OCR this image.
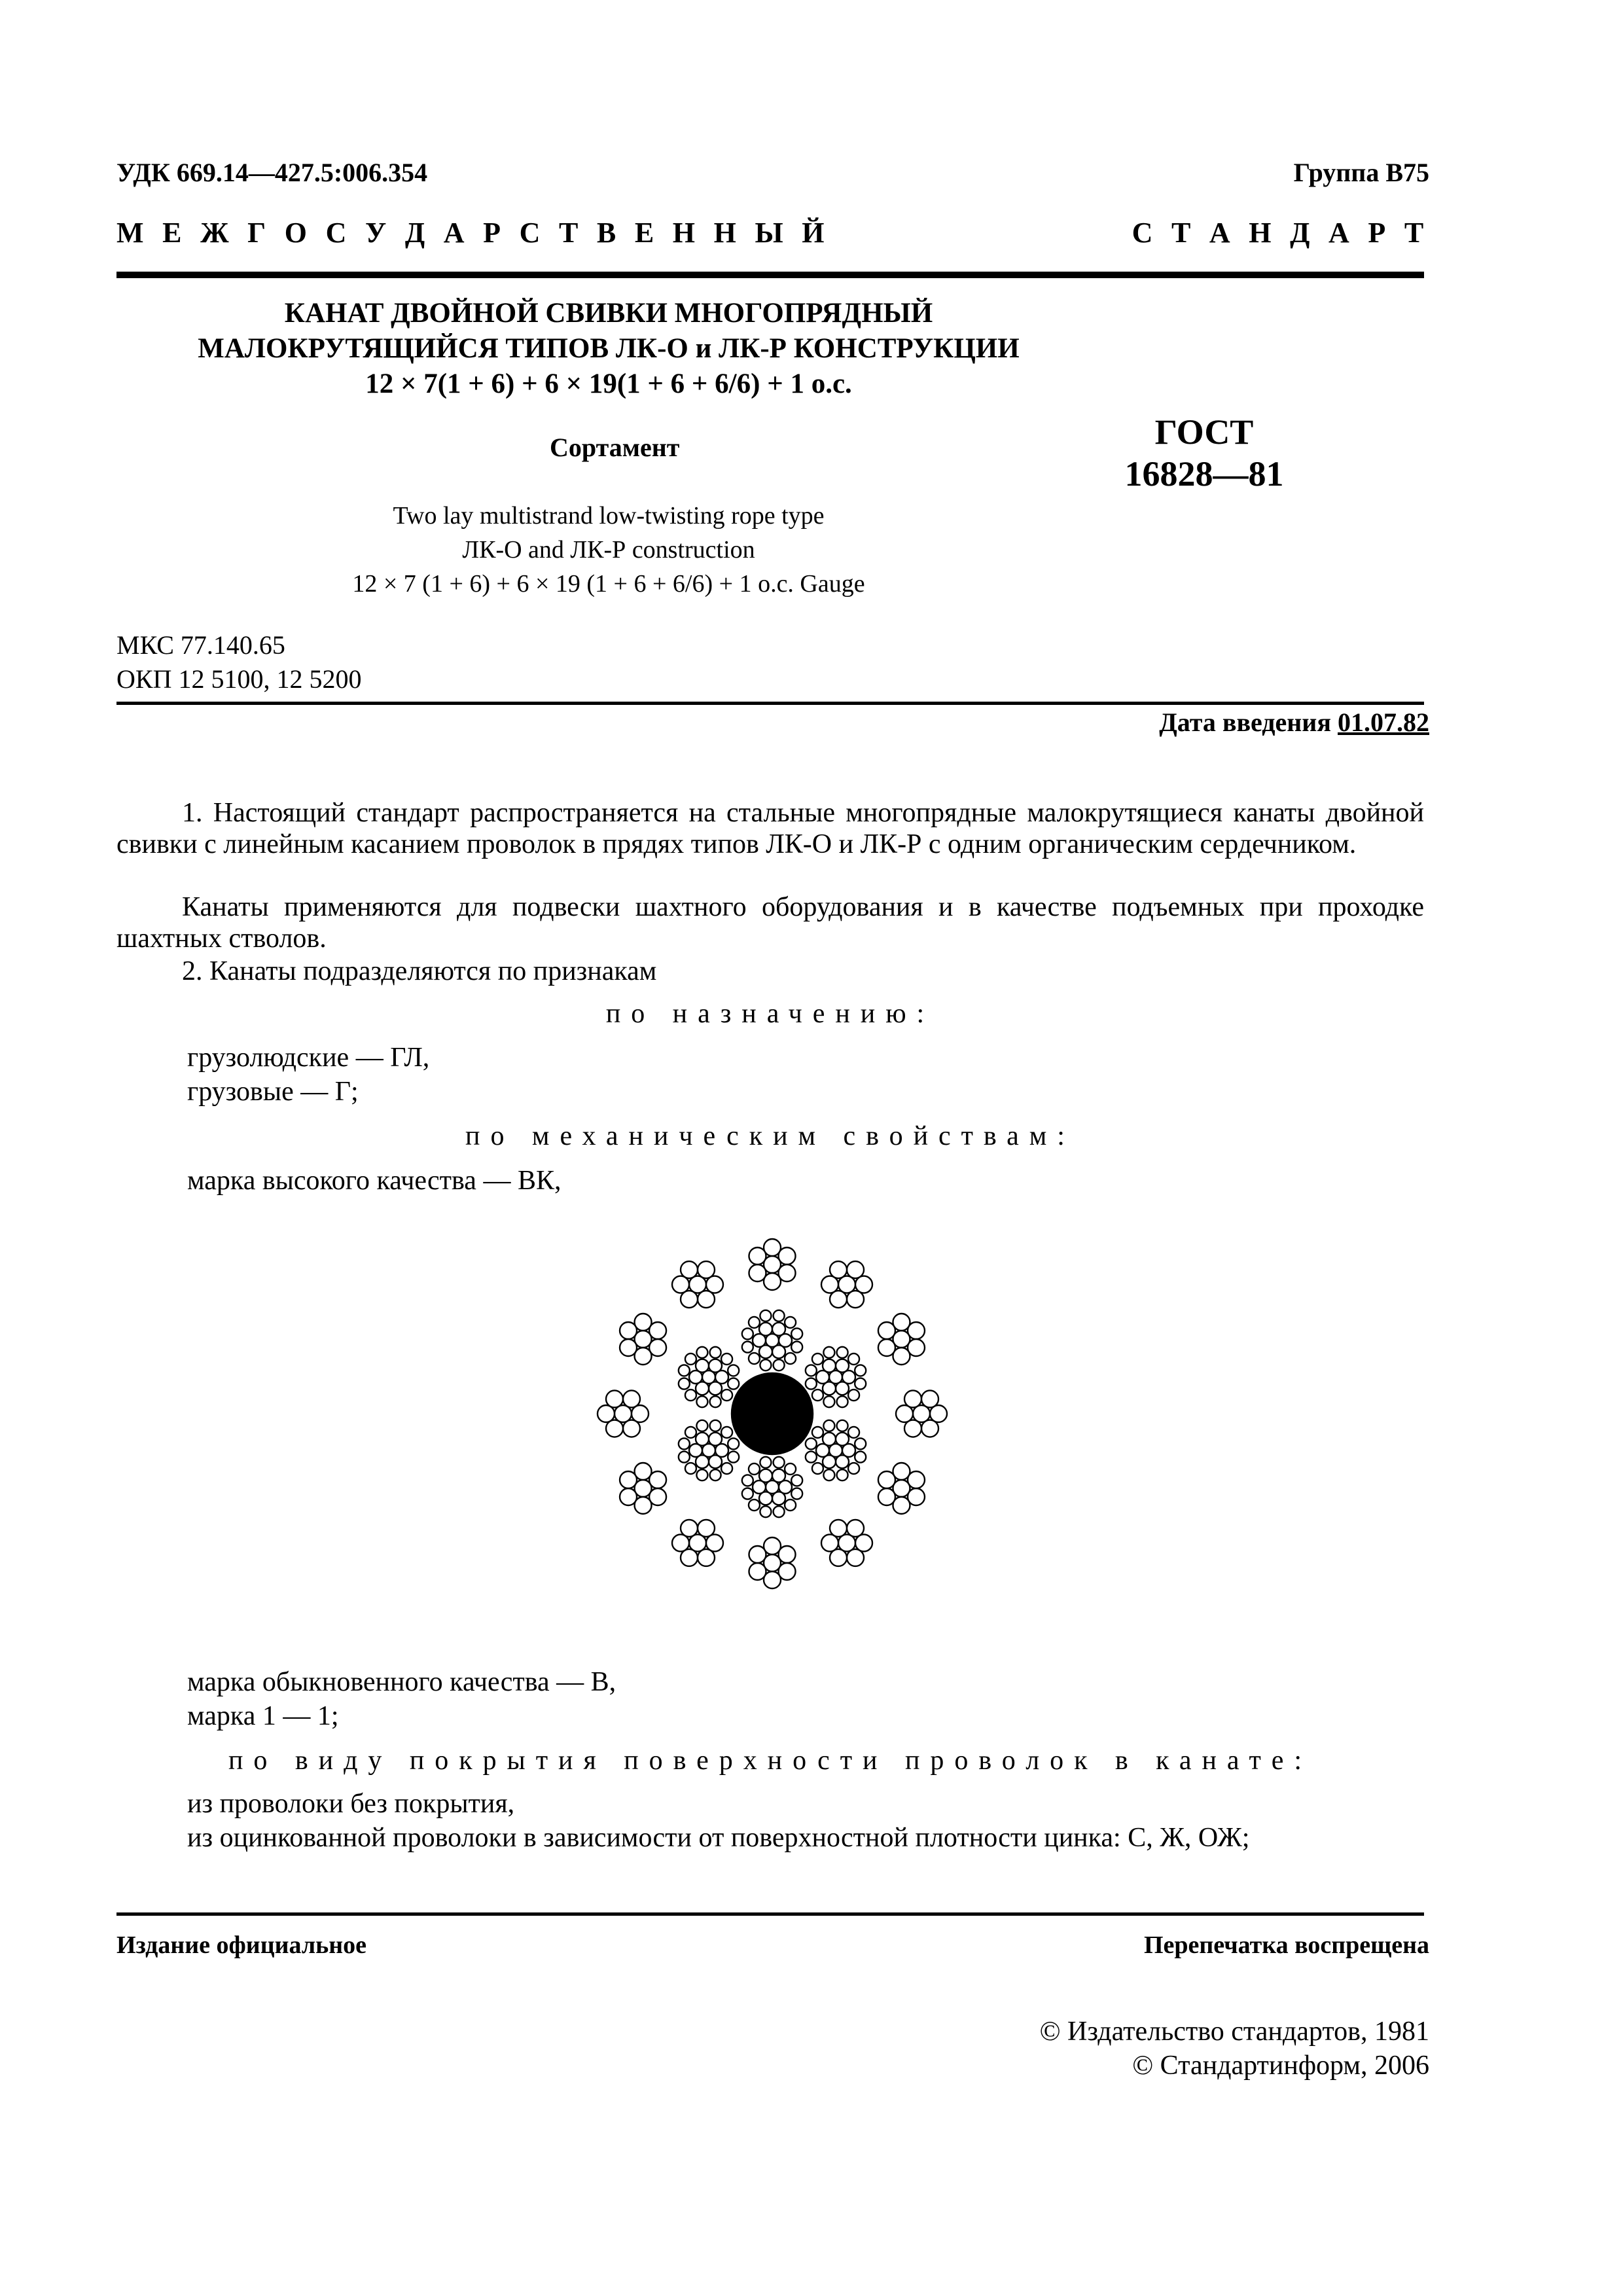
УДК 669.14—427.5:006.354	Группа В75

М Е Ж Г О С У Д А Р С Т В Е Н Н Ы Й	С Т А Н Д А Р Т

КАНАТ ДВОЙНОЙ СВИВКИ МНОГОПРЯДНЫЙ

МАЛОКРУТЯЩИЙСЯ ТИПОВ ЛК-О и ЛК-Р КОНСТРУКЦИИ

12 × 7(1 + 6) + 6 × 19(1 + 6 + 6/6) + 1 о.с.

Сортамент

Two lay multistrand low-twisting rope type
ЛК-О and ЛК-Р construction
12 × 7 (1 + 6) + 6 × 19 (1 + 6 + 6/6) + 1 o.c. Gauge
ГОСТ
16828—81
МКС 77.140.65
ОКП 12 5100, 12 5200

Дата введения 01.07.82

1. Настоящий стандарт распространяется на стальные многопрядные малокрутящиеся канаты двойной свивки с линейным касанием проволок в прядях типов ЛК-О и ЛК-Р с одним органическим сердечником.

Канаты применяются для подвески шахтного оборудования и в качестве подъемных при проходке шахтных стволов.

2. Канаты подразделяются по признакам

по назначению:

грузолюдские — ГЛ,

грузовые — Г;

по механическим свойствам:

марка высокого качества — ВК,

марка обыкновенного качества — В,

марка 1 — 1;

по виду покрытия поверхности проволок в канате:

из проволоки без покрытия,

из оцинкованной проволоки в зависимости от поверхностной плотности цинка: С, Ж, ОЖ;

Издание официальное	Перепечатка воспрещена

© Издательство стандартов, 1981
© Стандартинформ, 2006
